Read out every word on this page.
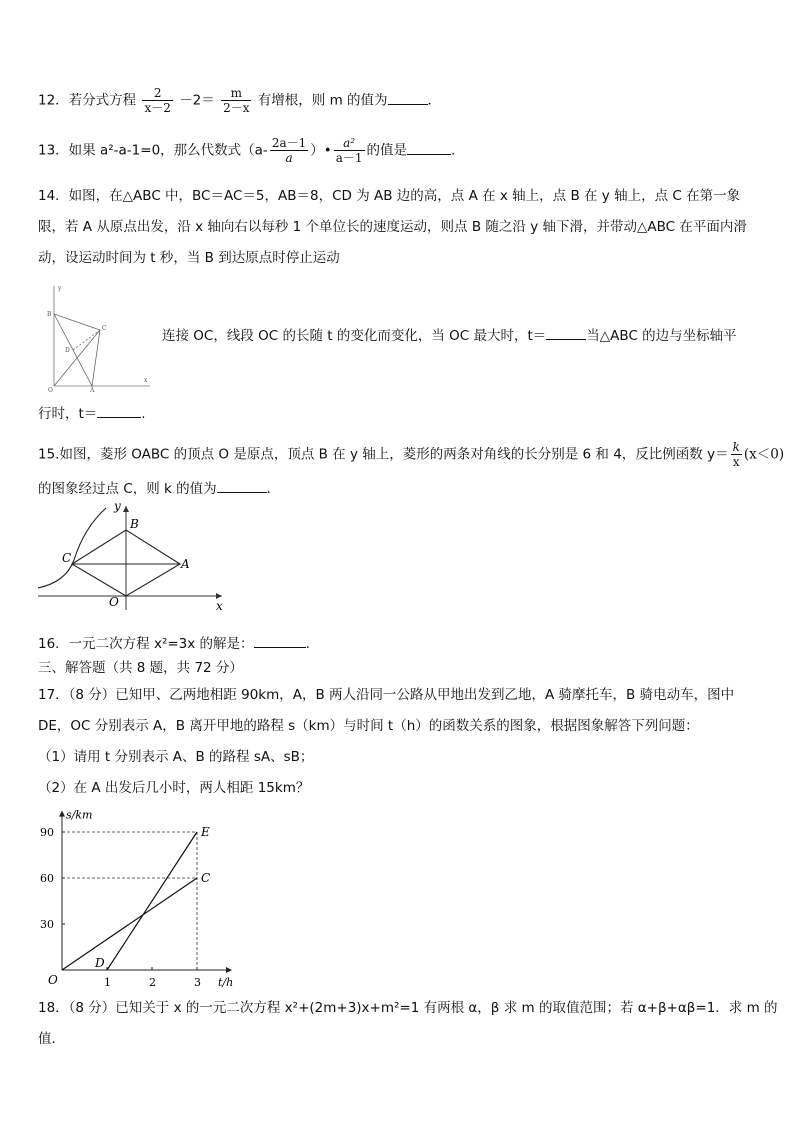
12．若分式方程 $\frac{2}{x-2} -2= \frac{m}{2-x}$ 有增根，则 m 的值为	．
13．如果 a²-a-1=0，那么代数式（$a- \frac{2a-1}{a}$ ）• $\frac{\text{a²}}{a-1}$ 的值是	.
14．如图，在△ABC 中，BC＝AC＝5，AB＝8，CD 为 AB 边的高，点 A 在 x 轴上，点 B 在 y 轴上，点 C 在第一象
限，若 A 从原点出发，沿 x 轴向右以每秒 1 个单位长的速度运动，则点 B 随之沿 y 轴下滑，并带动△ABC 在平面内滑
动，设运动时间为 t 秒，当 B 到达原点时停止运动
y
x
B
C
D
O	A
连接 OC，线段 OC 的长随 t 的变化而变化，当 OC 最大时，t＝	当△ABC 的边与坐标轴平
行时，t＝	.
15.如图，菱形 OABC 的顶点 O 是原点，顶点 B 在 y 轴上，菱形的两条对角线的长分别是 6 和 4，反比例函数 $y= \frac{k}{x} (x<0)$
的图象经过点 C，则 k 的值为	．
y
x
B
C	A
O
16．一元二次方程 x²=3x 的解是：	.
三、解答题（共 8 题，共 72 分）
17．（8 分）已知甲、乙两地相距 90km，A，B 两人沿同一公路从甲地出发到乙地，A 骑摩托车，B 骑电动车，图中
DE，OC 分别表示 A，B 离开甲地的路程 s（km）与时间 t（h）的函数关系的图象，根据图象解答下列问题：
（1）请用 t 分别表示 A、B 的路程 sA、sB；
（2）在 A 出发后几小时，两人相距 15km？
s/km
t/h
O	1	2	3
30
60
90
D
E
C
18．（8 分）已知关于 x 的一元二次方程 x²+(2m+3)x+m²=1 有两根 α，β 求 m 的取值范围；若 α+β+αβ=1．求 m 的
值．
